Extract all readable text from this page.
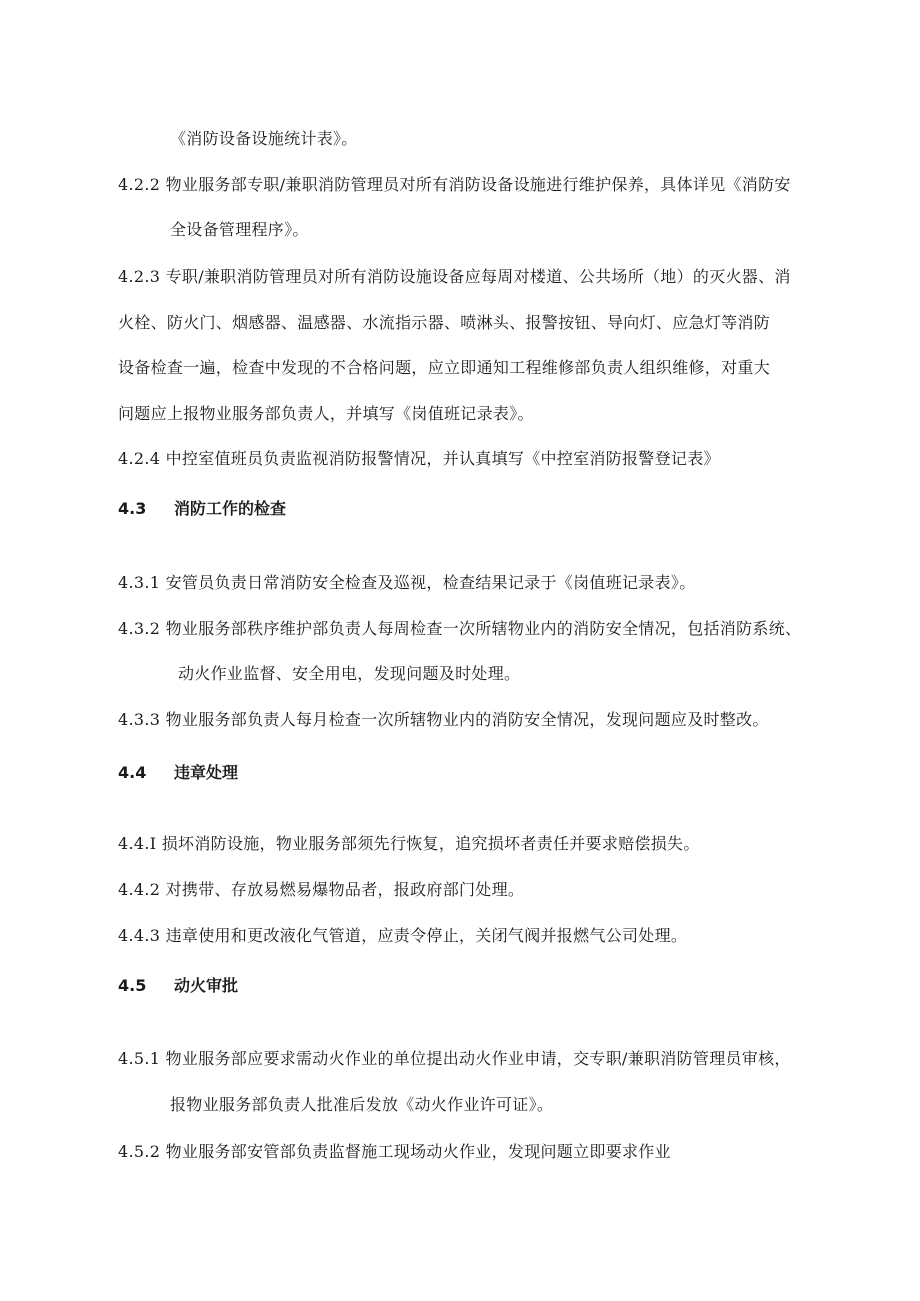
《消防设备设施统计表》。
4.2.2 物业服务部专职/兼职消防管理员对所有消防设备设施进行维护保养，具体详见《消防安
全设备管理程序》。
4.2.3 专职/兼职消防管理员对所有消防设施设备应每周对楼道、公共场所（地）的灭火器、消
火栓、防火门、烟感器、温感器、水流指示器、喷淋头、报警按钮、导向灯、应急灯等消防
设备检查一遍，检查中发现的不合格问题，应立即通知工程维修部负责人组织维修，对重大
问题应上报物业服务部负责人，并填写《岗值班记录表》。
4.2.4 中控室值班员负责监视消防报警情况，并认真填写《中控室消防报警登记表》
4.3 消防工作的检查
4.3.1 安管员负责日常消防安全检查及巡视，检查结果记录于《岗值班记录表》。
4.3.2 物业服务部秩序维护部负责人每周检查一次所辖物业内的消防安全情况，包括消防系统、
动火作业监督、安全用电，发现问题及时处理。
4.3.3 物业服务部负责人每月检查一次所辖物业内的消防安全情况，发现问题应及时整改。
4.4 违章处理
4.4.I 损坏消防设施，物业服务部须先行恢复，追究损坏者责任并要求赔偿损失。
4.4.2 对携带、存放易燃易爆物品者，报政府部门处理。
4.4.3 违章使用和更改液化气管道，应责令停止，关闭气阀并报燃气公司处理。
4.5 动火审批
4.5.1 物业服务部应要求需动火作业的单位提出动火作业申请，交专职/兼职消防管理员审核，
报物业服务部负责人批准后发放《动火作业许可证》。
4.5.2 物业服务部安管部负责监督施工现场动火作业，发现问题立即要求作业
